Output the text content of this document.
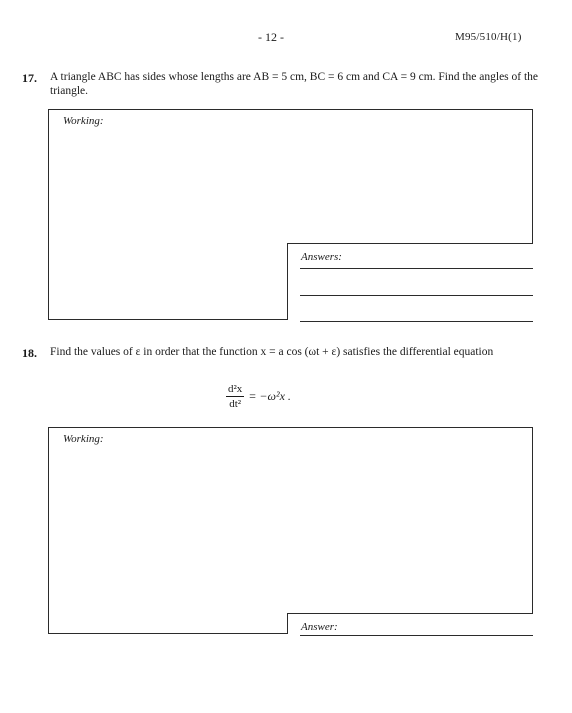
- 12 -	M95/510/H(1)
17. A triangle ABC has sides whose lengths are AB = 5 cm, BC = 6 cm and CA = 9 cm. Find the angles of the triangle.
Working:
Answers:
18. Find the values of ε in order that the function x = a cos (ωt + ε) satisfies the differential equation
$\frac{\text{d²x}}{\text{dt²}} = -\omega^2x$ .
Working:
Answer:
